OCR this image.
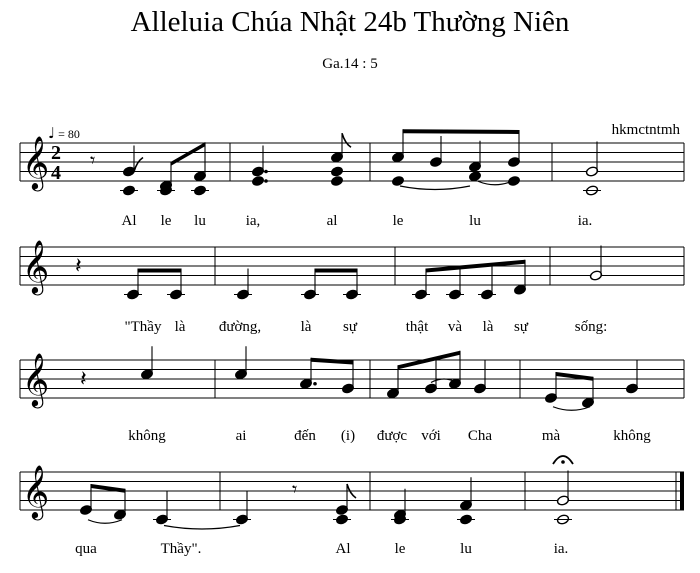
Alleluia Chúa Nhật 24b Thường Niên
Ga.14 : 5
hkmctntmh
♩ = 80
𝄞
𝄞
𝄞
𝄞
2
4
𝄾
𝄽
𝄽
𝄾
Al le lu	ia,	al	le	lu	ia.
"Thầy là đường,	là sự	thật và là sự	sống:
không	ai	đến (i) được với Cha	mà	không
qua	Thầy".	Al	le	lu	ia.
